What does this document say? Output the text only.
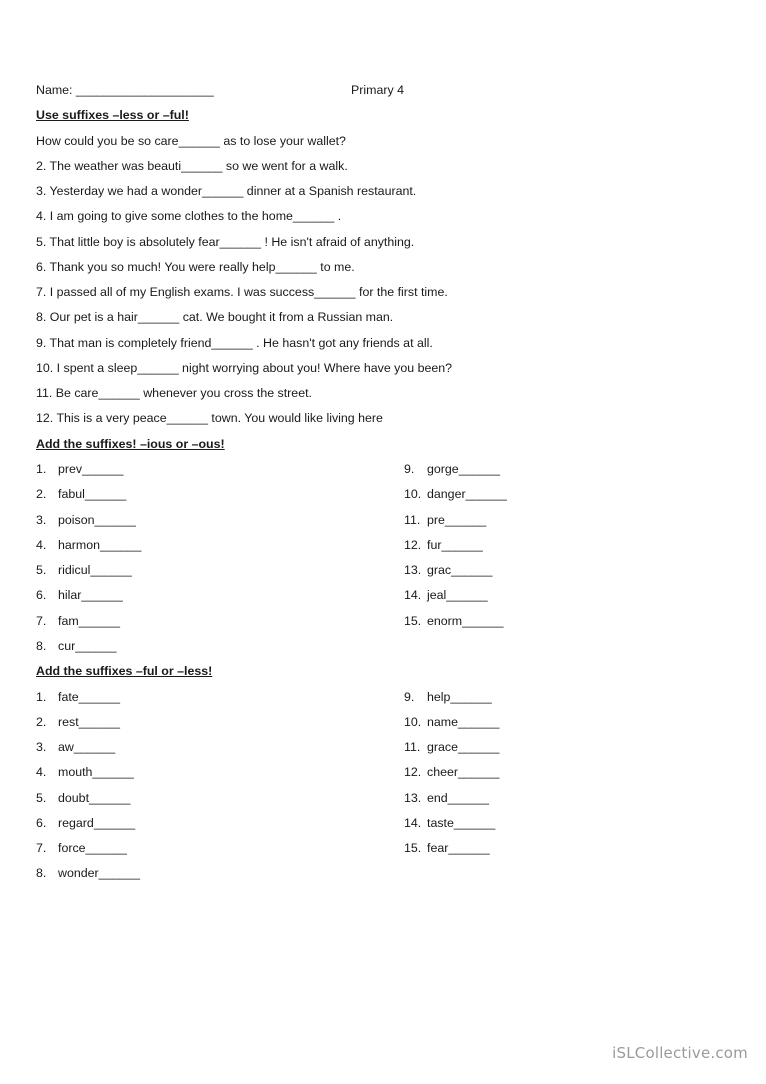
Name: ____________________	Primary 4
Use suffixes –less or –ful!
How could you be so care______ as to lose your wallet?
2. The weather was beauti______ so we went for a walk.
3. Yesterday we had a wonder______ dinner at a Spanish restaurant.
4. I am going to give some clothes to the home______ .
5. That little boy is absolutely fear______ ! He isn't afraid of anything.
6. Thank you so much! You were really help______ to me.
7. I passed all of my English exams. I was success______ for the first time.
8. Our pet is a hair______ cat. We bought it from a Russian man.
9. That man is completely friend______ . He hasn't got any friends at all.
10. I spent a sleep______ night worrying about you! Where have you been?
11. Be care______ whenever you cross the street.
12. This is a very peace______ town. You would like living here
Add the suffixes! –ious or –ous!
1. prev______
2. fabul______
3. poison______
4. harmon______
5. ridicul______
6. hilar______
7. fam______
8. cur______
9. gorge______
10. danger______
11. pre______
12. fur______
13. grac______
14. jeal______
15. enorm______
Add the suffixes –ful or –less!
1. fate______
2. rest______
3. aw______
4. mouth______
5. doubt______
6. regard______
7. force______
8. wonder______
9. help______
10. name______
11. grace______
12. cheer______
13. end______
14. taste______
15. fear______
iSLCollective.com
